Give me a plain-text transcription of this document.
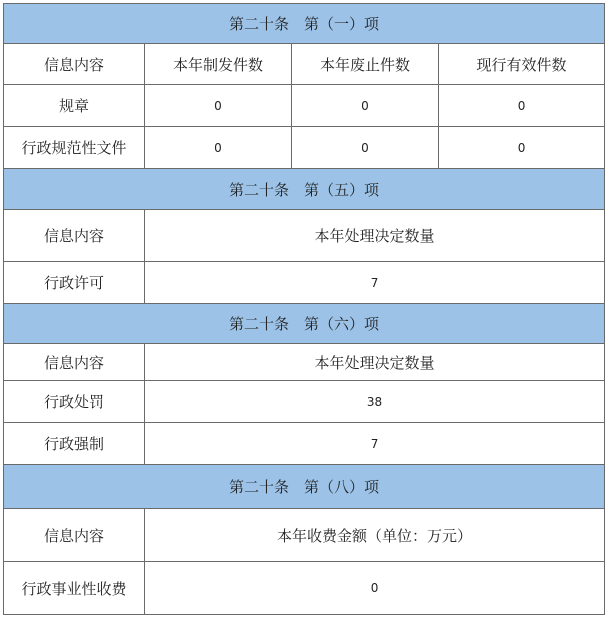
第二十条　第（一）项			
信息内容	本年制发件数	本年废止件数	现行有效件数
规章	0	0	0
行政规范性文件	0	0	0
第二十条　第（五）项			
信息内容	本年处理决定数量		
行政许可	7		
第二十条　第（六）项			
信息内容	本年处理决定数量		
行政处罚	38		
行政强制	7		
第二十条　第（八）项			
信息内容	本年收费金额（单位：万元）		
行政事业性收费	0		
